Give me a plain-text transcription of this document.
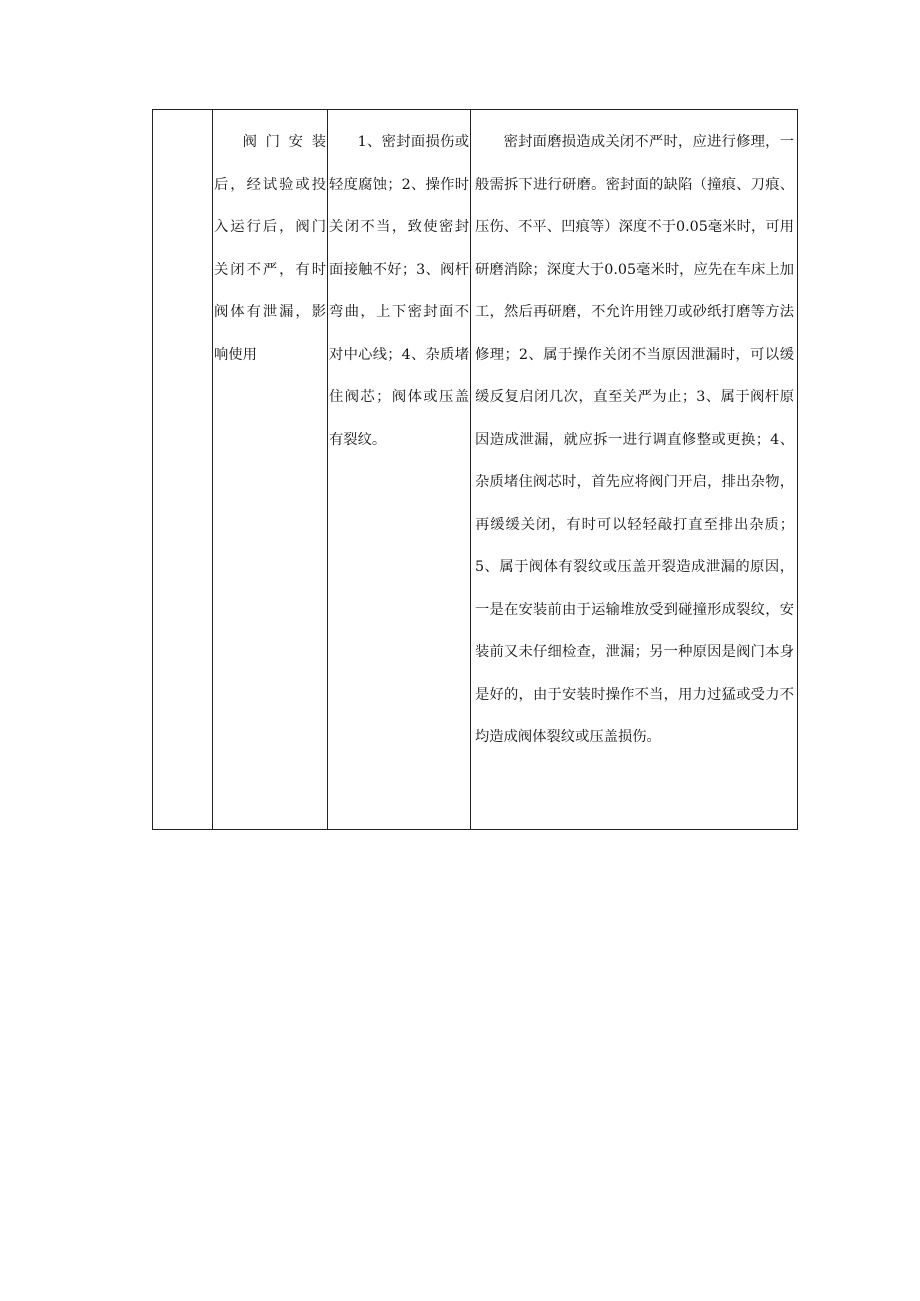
阀门安装后，经试验或投入运行后，阀门关闭不严，有时阀体有泄漏，影响使用

1、密封面损伤或轻度腐蚀；2、操作时关闭不当，致使密封面接触不好；3、阀杆弯曲，上下密封面不对中心线；4、杂质堵住阀芯；阀体或压盖有裂纹。

密封面磨损造成关闭不严时，应进行修理，一般需拆下进行研磨。密封面的缺陷（撞痕、刀痕、压伤、不平、凹痕等）深度不于0.05毫米时，可用研磨消除；深度大于0.05毫米时，应先在车床上加工，然后再研磨，不允许用锉刀或砂纸打磨等方法修理；2、属于操作关闭不当原因泄漏时，可以缓缓反复启闭几次，直至关严为止；3、属于阀杆原因造成泄漏，就应拆一进行调直修整或更换；4、杂质堵住阀芯时，首先应将阀门开启，排出杂物，再缓缓关闭，有时可以轻轻敲打直至排出杂质；5、属于阀体有裂纹或压盖开裂造成泄漏的原因，一是在安装前由于运输堆放受到碰撞形成裂纹，安装前又未仔细检查，泄漏；另一种原因是阀门本身是好的，由于安装时操作不当，用力过猛或受力不均造成阀体裂纹或压盖损伤。
